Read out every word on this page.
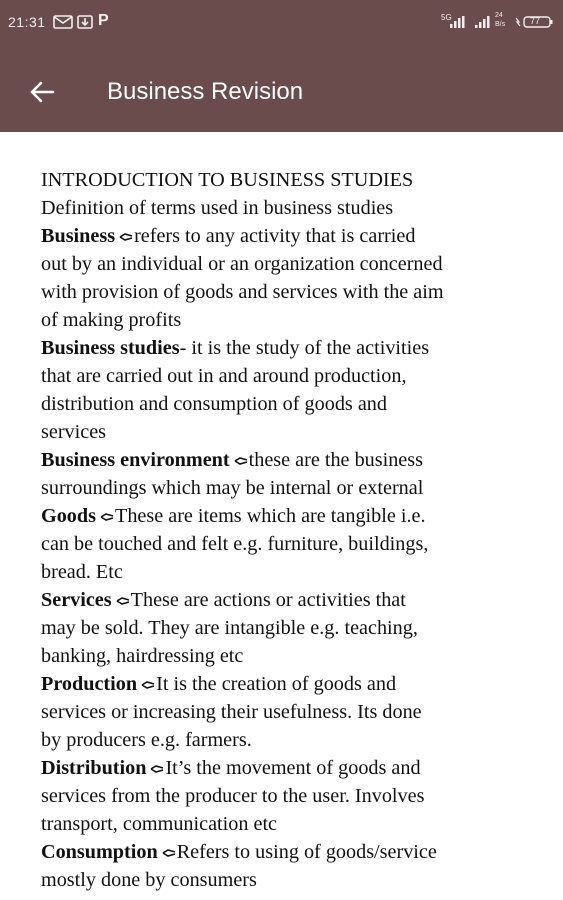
21:31	P	5G	24
B/s	77
Business Revision
INTRODUCTION TO BUSINESS STUDIES
Definition of terms used in business studies
Business refers to any activity that is carried
out by an individual or an organization concerned
with provision of goods and services with the aim
of making profits
Business studies- it is the study of the activities
that are carried out in and around production,
distribution and consumption of goods and
services
Business environment these are the business
surroundings which may be internal or external
Goods These are items which are tangible i.e.
can be touched and felt e.g. furniture, buildings,
bread. Etc
Services These are actions or activities that
may be sold. They are intangible e.g. teaching,
banking, hairdressing etc
Production It is the creation of goods and
services or increasing their usefulness. Its done
by producers e.g. farmers.
Distribution It’s the movement of goods and
services from the producer to the user. Involves
transport, communication etc
Consumption Refers to using of goods/service
mostly done by consumers
